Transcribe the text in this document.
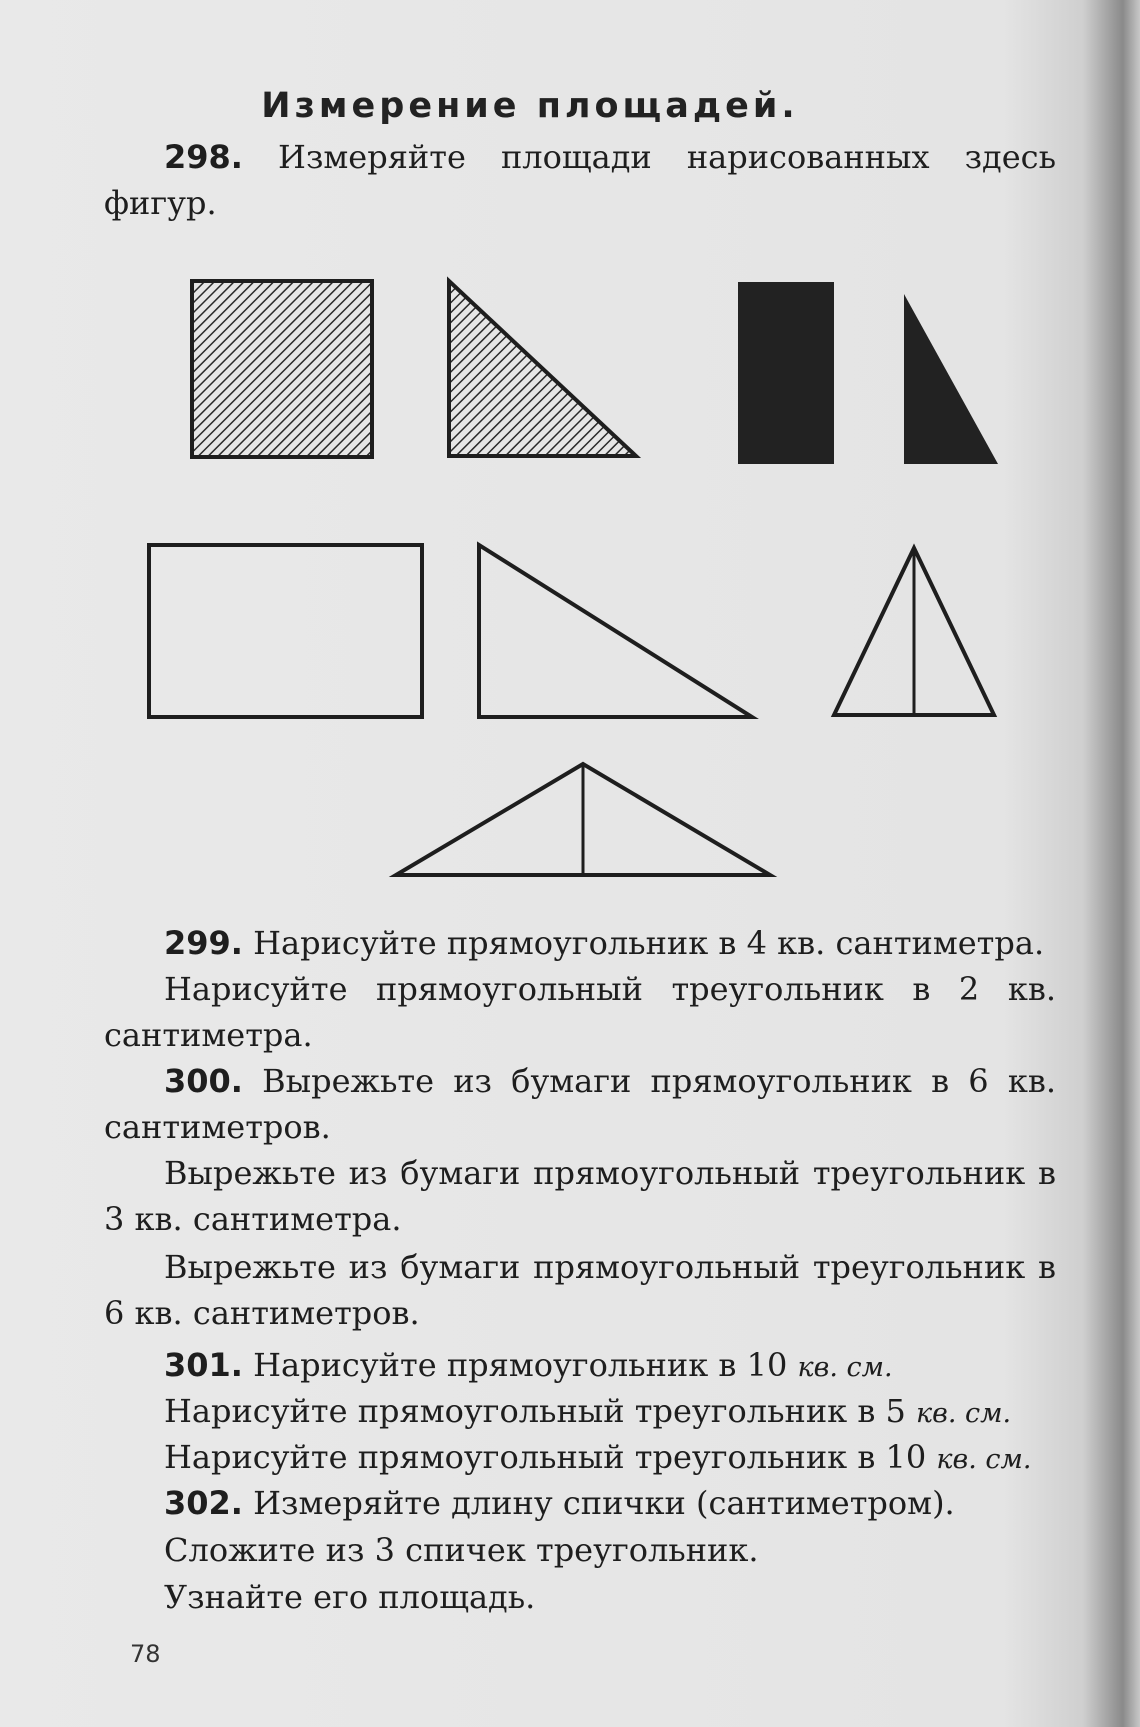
Измерение площадей.

298. Измеряйте площади нарисованных здесь фигур.

299. Нарисуйте прямоугольник в 4 кв. сантиметра.

Нарисуйте прямоугольный треугольник в 2 кв. сантиметра.

300. Вырежьте из бумаги прямоугольник в 6 кв. сантиметров.

Вырежьте из бумаги прямоугольный треугольник в 3 кв. сантиметра.

Вырежьте из бумаги прямоугольный треугольник в 6 кв. сантиметров.

301. Нарисуйте прямоугольник в 10 кв. см.

Нарисуйте прямоугольный треугольник в 5 кв. см.

Нарисуйте прямоугольный треугольник в 10 кв. см.

302. Измеряйте длину спички (сантиметром).

Сложите из 3 спичек треугольник.

Узнайте его площадь.

78
